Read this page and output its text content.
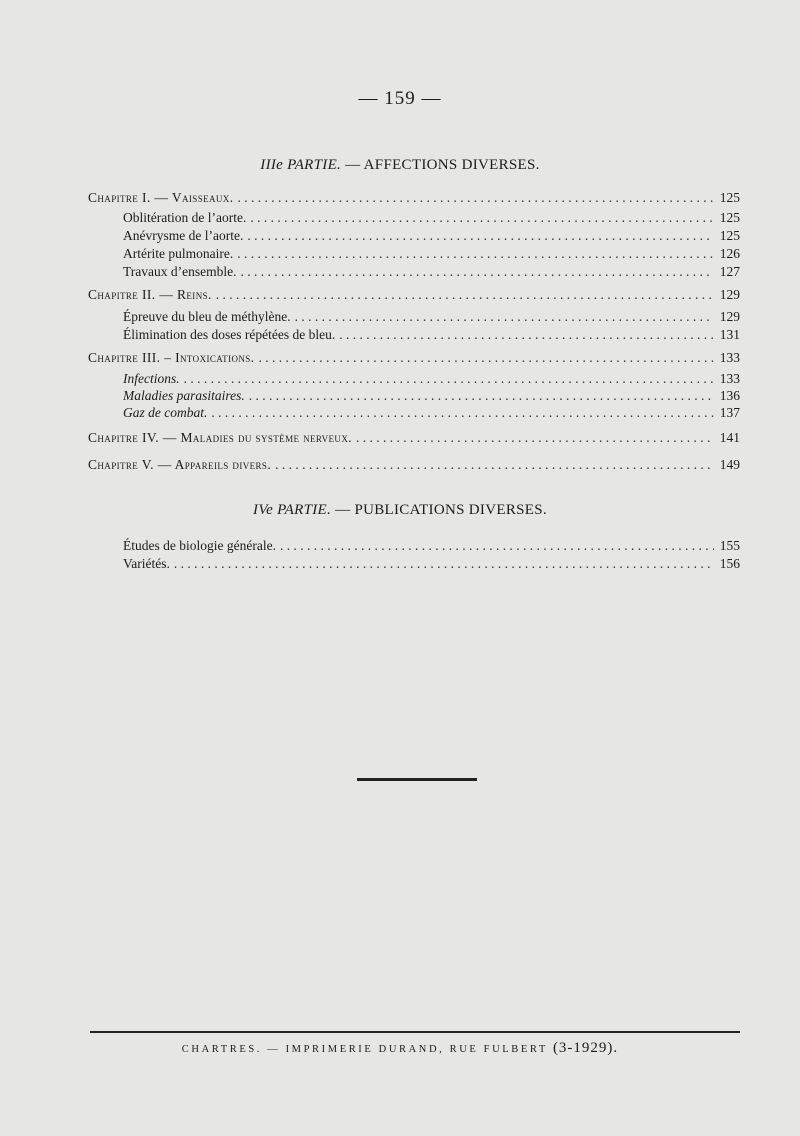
— 159 —
IIIe PARTIE. — AFFECTIONS DIVERSES.
Chapitre I. — Vaisseaux. . . .	125
Oblitération de l’aorte. . . .	125
Anévrysme de l’aorte. . . .	125
Artérite pulmonaire. . . .	126
Travaux d’ensemble. . . .	127
Chapitre II. — Reins. . . .	129
Épreuve du bleu de méthylène. . . .	129
Élimination des doses répétées de bleu. . . .	131
Chapitre III. – Intoxications. . . .	133
Infections. . . .	133
Maladies parasitaires. . . .	136
Gaz de combat. . . .	137
Chapitre IV. — Maladies du système nerveux. . . .	141
Chapitre V. — Appareils divers. . . .	149
IVe PARTIE. — PUBLICATIONS DIVERSES.
Études de biologie générale. . . .	155
Variétés. . . .	156
CHARTRES. — IMPRIMERIE DURAND, RUE FULBERT (3-1929).
